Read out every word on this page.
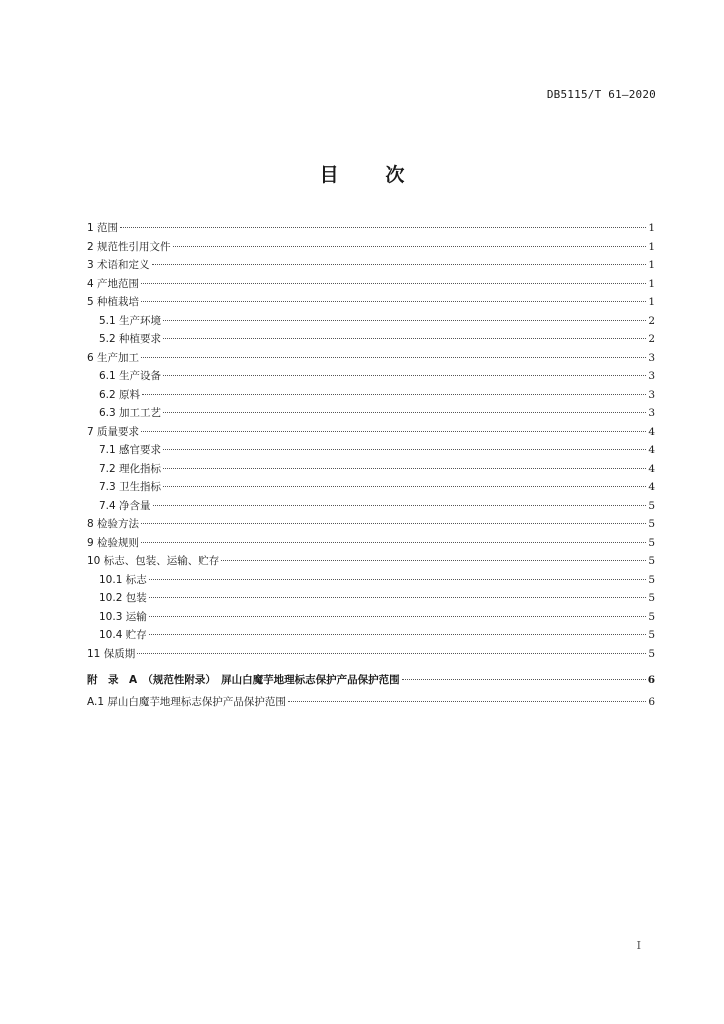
DB5115/T 61—2020
目 次
1 范围	1
2 规范性引用文件	1
3 术语和定义	1
4 产地范围	1
5 种植栽培	1
5.1 生产环境	2
5.2 种植要求	2
6 生产加工	3
6.1 生产设备	3
6.2 原料	3
6.3 加工工艺	3
7 质量要求	4
7.1 感官要求	4
7.2 理化指标	4
7.3 卫生指标	4
7.4 净含量	5
8 检验方法	5
9 检验规则	5
10 标志、包装、运输、贮存	5
10.1 标志	5
10.2 包装	5
10.3 运输	5
10.4 贮存	5
11 保质期	5
附　录　A　（规范性附录）　屏山白魔芋地理标志保护产品保护范围	6
A.1 屏山白魔芋地理标志保护产品保护范围	6
I
